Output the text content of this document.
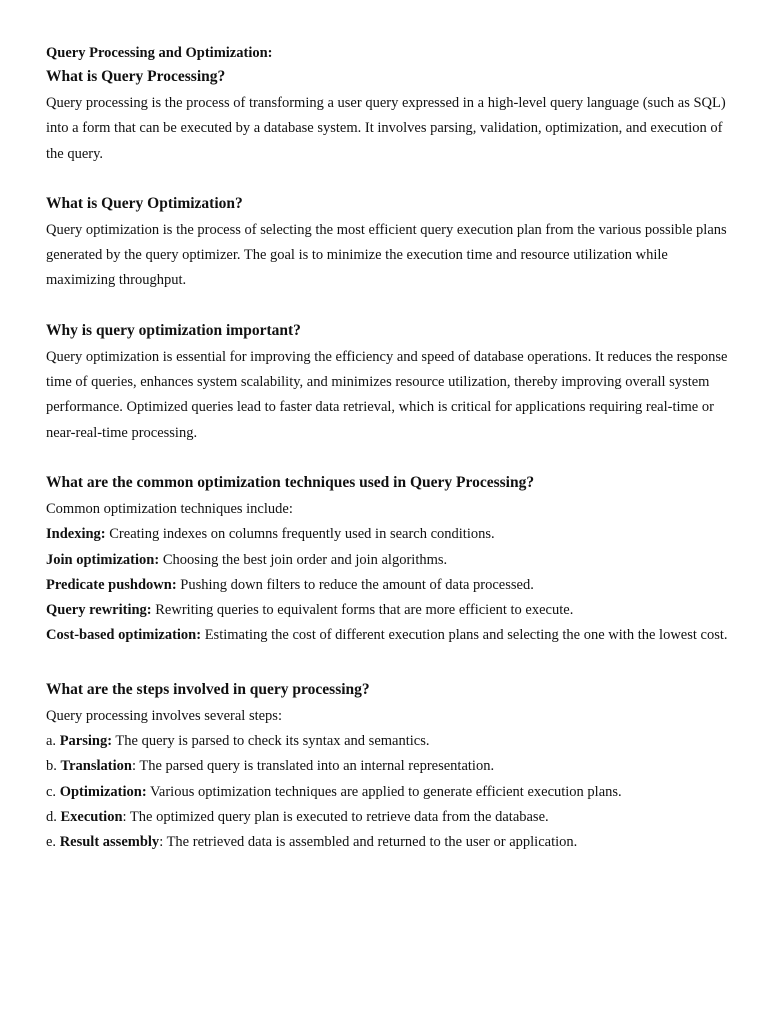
Query Processing and Optimization:

What is Query Processing?

Query processing is the process of transforming a user query expressed in a high-level query language (such as SQL) into a form that can be executed by a database system. It involves parsing, validation, optimization, and execution of the query.

What is Query Optimization?

Query optimization is the process of selecting the most efficient query execution plan from the various possible plans generated by the query optimizer. The goal is to minimize the execution time and resource utilization while maximizing throughput.

Why is query optimization important?

Query optimization is essential for improving the efficiency and speed of database operations. It reduces the response time of queries, enhances system scalability, and minimizes resource utilization, thereby improving overall system performance. Optimized queries lead to faster data retrieval, which is critical for applications requiring real-time or near-real-time processing.

What are the common optimization techniques used in Query Processing?

Common optimization techniques include:

Indexing: Creating indexes on columns frequently used in search conditions.

Join optimization: Choosing the best join order and join algorithms.

Predicate pushdown: Pushing down filters to reduce the amount of data processed.

Query rewriting: Rewriting queries to equivalent forms that are more efficient to execute.

Cost-based optimization: Estimating the cost of different execution plans and selecting the one with the lowest cost.

What are the steps involved in query processing?

Query processing involves several steps:

a. Parsing: The query is parsed to check its syntax and semantics.

b. Translation: The parsed query is translated into an internal representation.

c. Optimization: Various optimization techniques are applied to generate efficient execution plans.

d. Execution: The optimized query plan is executed to retrieve data from the database.

e. Result assembly: The retrieved data is assembled and returned to the user or application.
